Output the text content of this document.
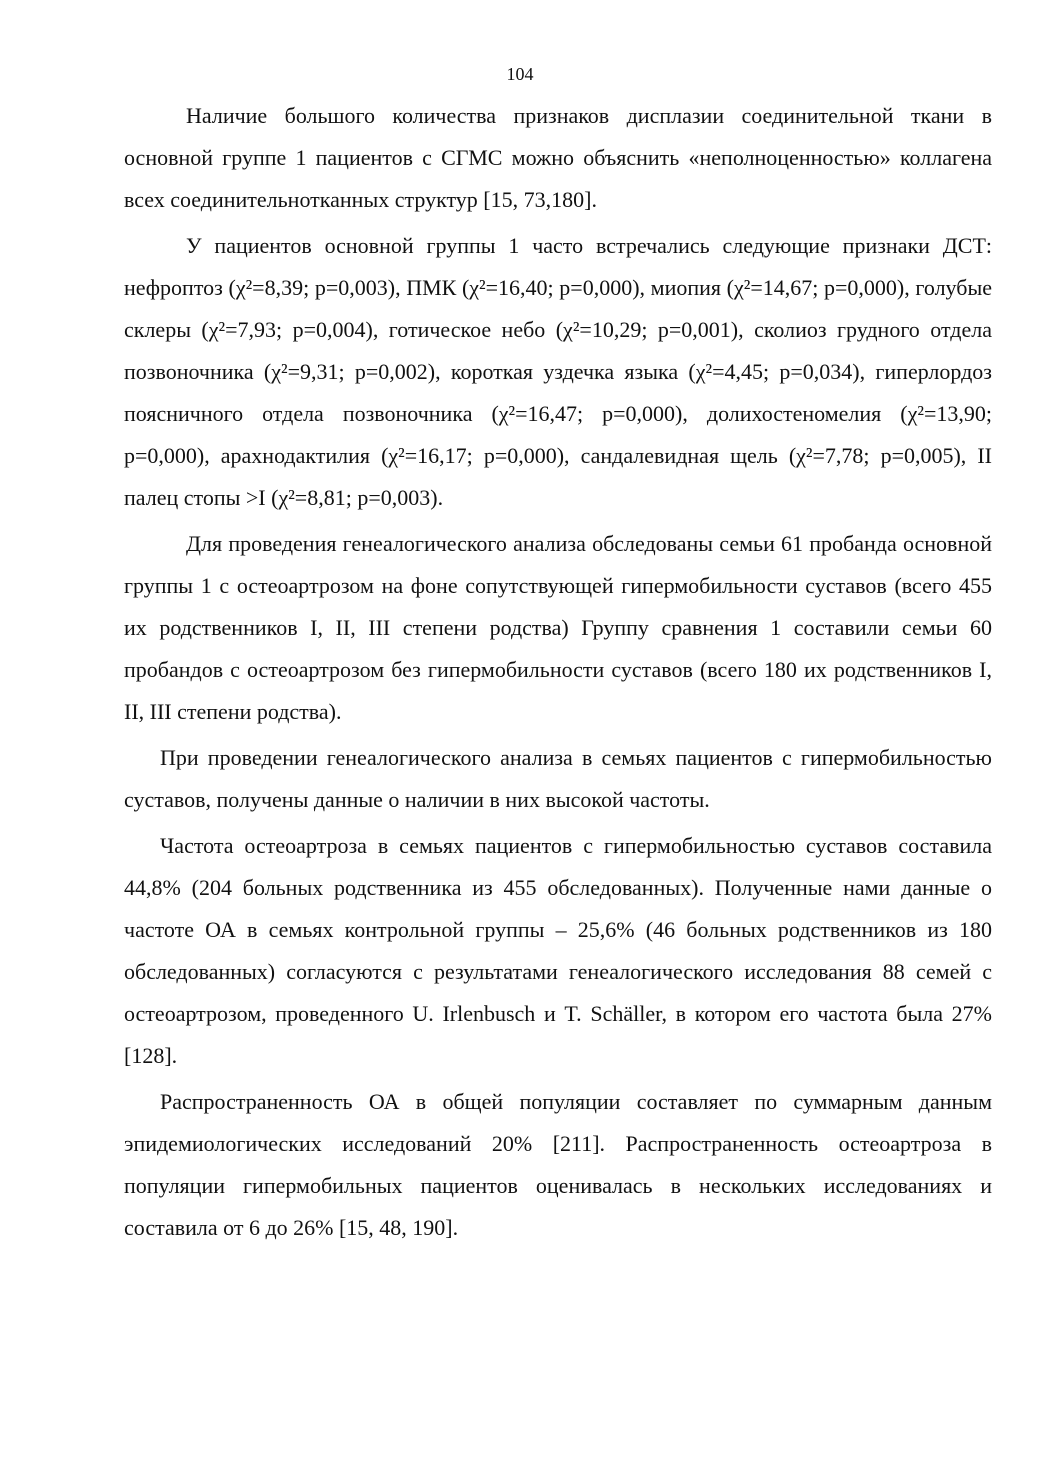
104

Наличие большого количества признаков дисплазии соединительной ткани в основной группе 1 пациентов с СГМС можно объяснить «неполноценностью» коллагена всех соединительнотканных структур [15, 73,180].

У пациентов основной группы 1 часто встречались следующие признаки ДСТ: нефроптоз (χ²=8,39; р=0,003), ПМК (χ²=16,40; р=0,000), миопия (χ²=14,67; р=0,000), голубые склеры (χ²=7,93; р=0,004), готическое небо (χ²=10,29; р=0,001), сколиоз грудного отдела позвоночника (χ²=9,31; р=0,002), короткая уздечка языка (χ²=4,45; р=0,034), гиперлордоз поясничного отдела позвоночника (χ²=16,47; р=0,000), долихостеномелия (χ²=13,90; р=0,000), арахнодактилия (χ²=16,17; р=0,000), сандалевидная щель (χ²=7,78; р=0,005), II палец стопы >I (χ²=8,81; р=0,003).

Для проведения генеалогического анализа обследованы семьи 61 пробанда основной группы 1 с остеоартрозом на фоне сопутствующей гипермобильности суставов (всего 455 их родственников I, II, III степени родства) Группу сравнения 1 составили семьи 60 пробандов с остеоартрозом без гипермобильности суставов (всего 180 их родственников I, II, III степени родства).

При проведении генеалогического анализа в семьях пациентов с гипермобильностью суставов, получены данные о наличии в них высокой частоты.

Частота остеоартроза в семьях пациентов с гипермобильностью суставов составила 44,8% (204 больных родственника из 455 обследованных). Полученные нами данные о частоте ОА в семьях контрольной группы – 25,6% (46 больных родственников из 180 обследованных) согласуются с результатами генеалогического исследования 88 семей с остеоартрозом, проведенного U. Irlenbusch и T. Schäller, в котором его частота была 27% [128].

Распространенность ОА в общей популяции составляет по суммарным данным эпидемиологических исследований 20% [211]. Распространенность остеоартроза в популяции гипермобильных пациентов оценивалась в нескольких исследованиях и составила от 6 до 26% [15, 48, 190].
